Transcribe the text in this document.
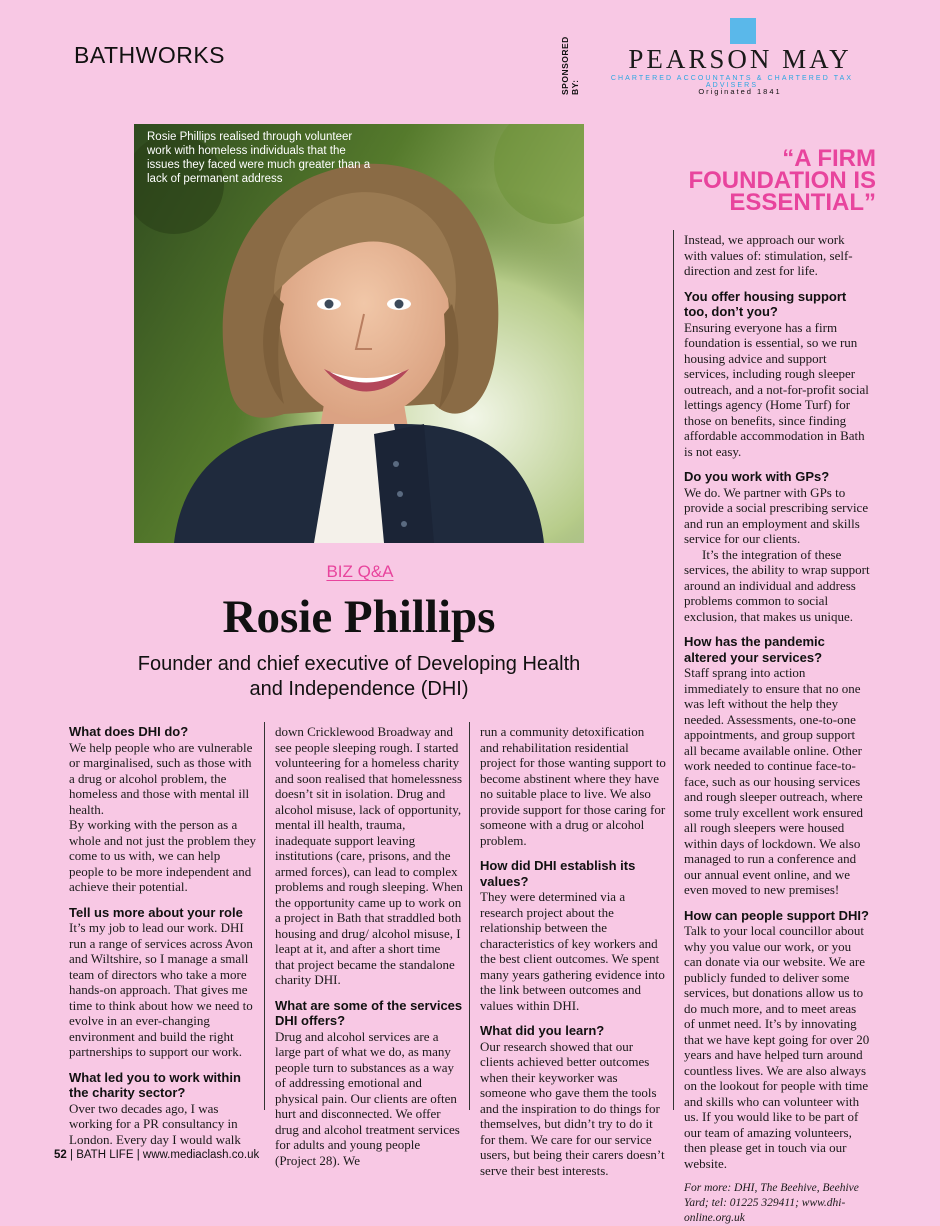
BATHWORKS	SPONSORED BY:
PEARSON MAY
CHARTERED ACCOUNTANTS & CHARTERED TAX ADVISERS
Originated 1841
Rosie Phillips realised through volunteer work with homeless individuals that the issues they faced were much greater than a lack of permanent address
“A FIRM FOUNDATION IS ESSENTIAL”
BIZ Q&A
Rosie Phillips
Founder and chief executive of Developing Health and Independence (DHI)
What does DHI do?

We help people who are vulnerable or marginalised, such as those with a drug or alcohol problem, the homeless and those with mental ill health.

By working with the person as a whole and not just the problem they come to us with, we can help people to be more independent and achieve their potential.

Tell us more about your role

It’s my job to lead our work. DHI run a range of services across Avon and Wiltshire, so I manage a small team of directors who take a more hands-on approach. That gives me time to think about how we need to evolve in an ever-changing environment and build the right partnerships to support our work.

What led you to work within the charity sector?

Over two decades ago, I was working for a PR consultancy in London. Every day I would walk

down Cricklewood Broadway and see people sleeping rough. I started volunteering for a homeless charity and soon realised that homelessness doesn’t sit in isolation. Drug and alcohol misuse, lack of opportunity, mental ill health, trauma, inadequate support leaving institutions (care, prisons, and the armed forces), can lead to complex problems and rough sleeping. When the opportunity came up to work on a project in Bath that straddled both housing and drug/ alcohol misuse, I leapt at it, and after a short time that project became the standalone charity DHI.

What are some of the services DHI offers?

Drug and alcohol services are a large part of what we do, as many people turn to substances as a way of addressing emotional and physical pain. Our clients are often hurt and disconnected. We offer drug and alcohol treatment services for adults and young people (Project 28). We

run a community detoxification and rehabilitation residential project for those wanting support to become abstinent where they have no suitable place to live. We also provide support for those caring for someone with a drug or alcohol problem.

How did DHI establish its values?

They were determined via a research project about the relationship between the characteristics of key workers and the best client outcomes. We spent many years gathering evidence into the link between outcomes and values within DHI.

What did you learn?

Our research showed that our clients achieved better outcomes when their keyworker was someone who gave them the tools and the inspiration to do things for themselves, but didn’t try to do it for them. We care for our service users, but being their carers doesn’t serve their best interests.

Instead, we approach our work with values of: stimulation, self-direction and zest for life.

You offer housing support too, don’t you?

Ensuring everyone has a firm foundation is essential, so we run housing advice and support services, including rough sleeper outreach, and a not-for-profit social lettings agency (Home Turf) for those on benefits, since finding affordable accommodation in Bath is not easy.

Do you work with GPs?

We do. We partner with GPs to provide a social prescribing service and run an employment and skills service for our clients.

It’s the integration of these services, the ability to wrap support around an individual and address problems common to social exclusion, that makes us unique.

How has the pandemic altered your services?

Staff sprang into action immediately to ensure that no one was left without the help they needed. Assessments, one-to-one appointments, and group support all became available online. Other work needed to continue face-to-face, such as our housing services and rough sleeper outreach, where some truly excellent work ensured all rough sleepers were housed within days of lockdown. We also managed to run a conference and our annual event online, and we even moved to new premises!

How can people support DHI?

Talk to your local councillor about why you value our work, or you can donate via our website. We are publicly funded to deliver some services, but donations allow us to do much more, and to meet areas of unmet need. It’s by innovating that we have kept going for over 20 years and have helped turn around countless lives. We are also always on the lookout for people with time and skills who can volunteer with us. If you would like to be part of our team of amazing volunteers, then please get in touch via our website.

For more: DHI, The Beehive, Beehive Yard; tel: 01225 329411; www.dhi-online.org.uk

52 | BATH LIFE | www.mediaclash.co.uk
